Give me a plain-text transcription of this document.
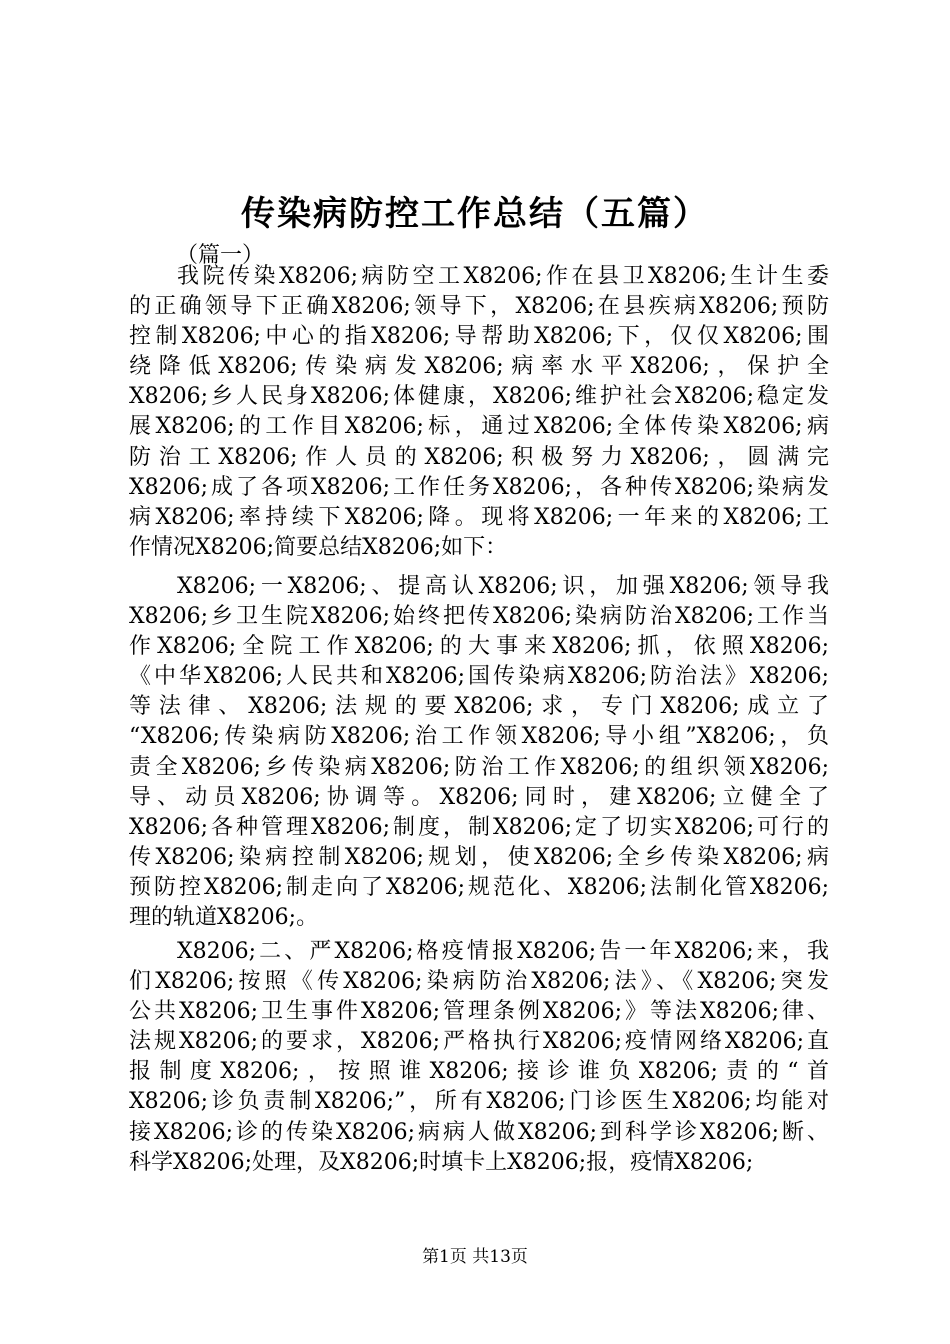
传染病防控工作总结（五篇）
（篇一）
我院传染X8206;病防空工X8206;作在县卫X8206;生计生委
的正确领导下正确X8206;领导下，X8206;在县疾病X8206;预防
控制X8206;中心的指X8206;导帮助X8206;下，仅仅X8206;围
绕降低X8206;传染病发X8206;病率水平X8206;，保护全
X8206;乡人民身X8206;体健康，X8206;维护社会X8206;稳定发
展X8206;的工作目X8206;标，通过X8206;全体传染X8206;病
防治工X8206;作人员的X8206;积极努力X8206;，圆满完
X8206;成了各项X8206;工作任务X8206;，各种传X8206;染病发
病X8206;率持续下X8206;降。现将X8206;一年来的X8206;工
作情况X8206;简要总结X8206;如下：
X8206;一X8206;、提高认X8206;识，加强X8206;领导我
X8206;乡卫生院X8206;始终把传X8206;染病防治X8206;工作当
作X8206;全院工作X8206;的大事来X8206;抓，依照X8206;
《中华X8206;人民共和X8206;国传染病X8206;防治法》X8206;
等法律、X8206;法规的要X8206;求，专门X8206;成立了
“X8206;传染病防X8206;治工作领X8206;导小组”X8206;，负
责全X8206;乡传染病X8206;防治工作X8206;的组织领X8206;
导、动员X8206;协调等。X8206;同时，建X8206;立健全了
X8206;各种管理X8206;制度，制X8206;定了切实X8206;可行的
传X8206;染病控制X8206;规划，使X8206;全乡传染X8206;病
预防控X8206;制走向了X8206;规范化、X8206;法制化管X8206;
理的轨道X8206;。
X8206;二、严X8206;格疫情报X8206;告一年X8206;来，我
们X8206;按照《传X8206;染病防治X8206;法》、《X8206;突发
公共X8206;卫生事件X8206;管理条例X8206;》等法X8206;律、
法规X8206;的要求，X8206;严格执行X8206;疫情网络X8206;直
报制度X8206;，按照谁X8206;接诊谁负X8206;责的“首
X8206;诊负责制X8206;”，所有X8206;门诊医生X8206;均能对
接X8206;诊的传染X8206;病病人做X8206;到科学诊X8206;断、
科学X8206;处理，及X8206;时填卡上X8206;报，疫情X8206;
第1页 共13页
